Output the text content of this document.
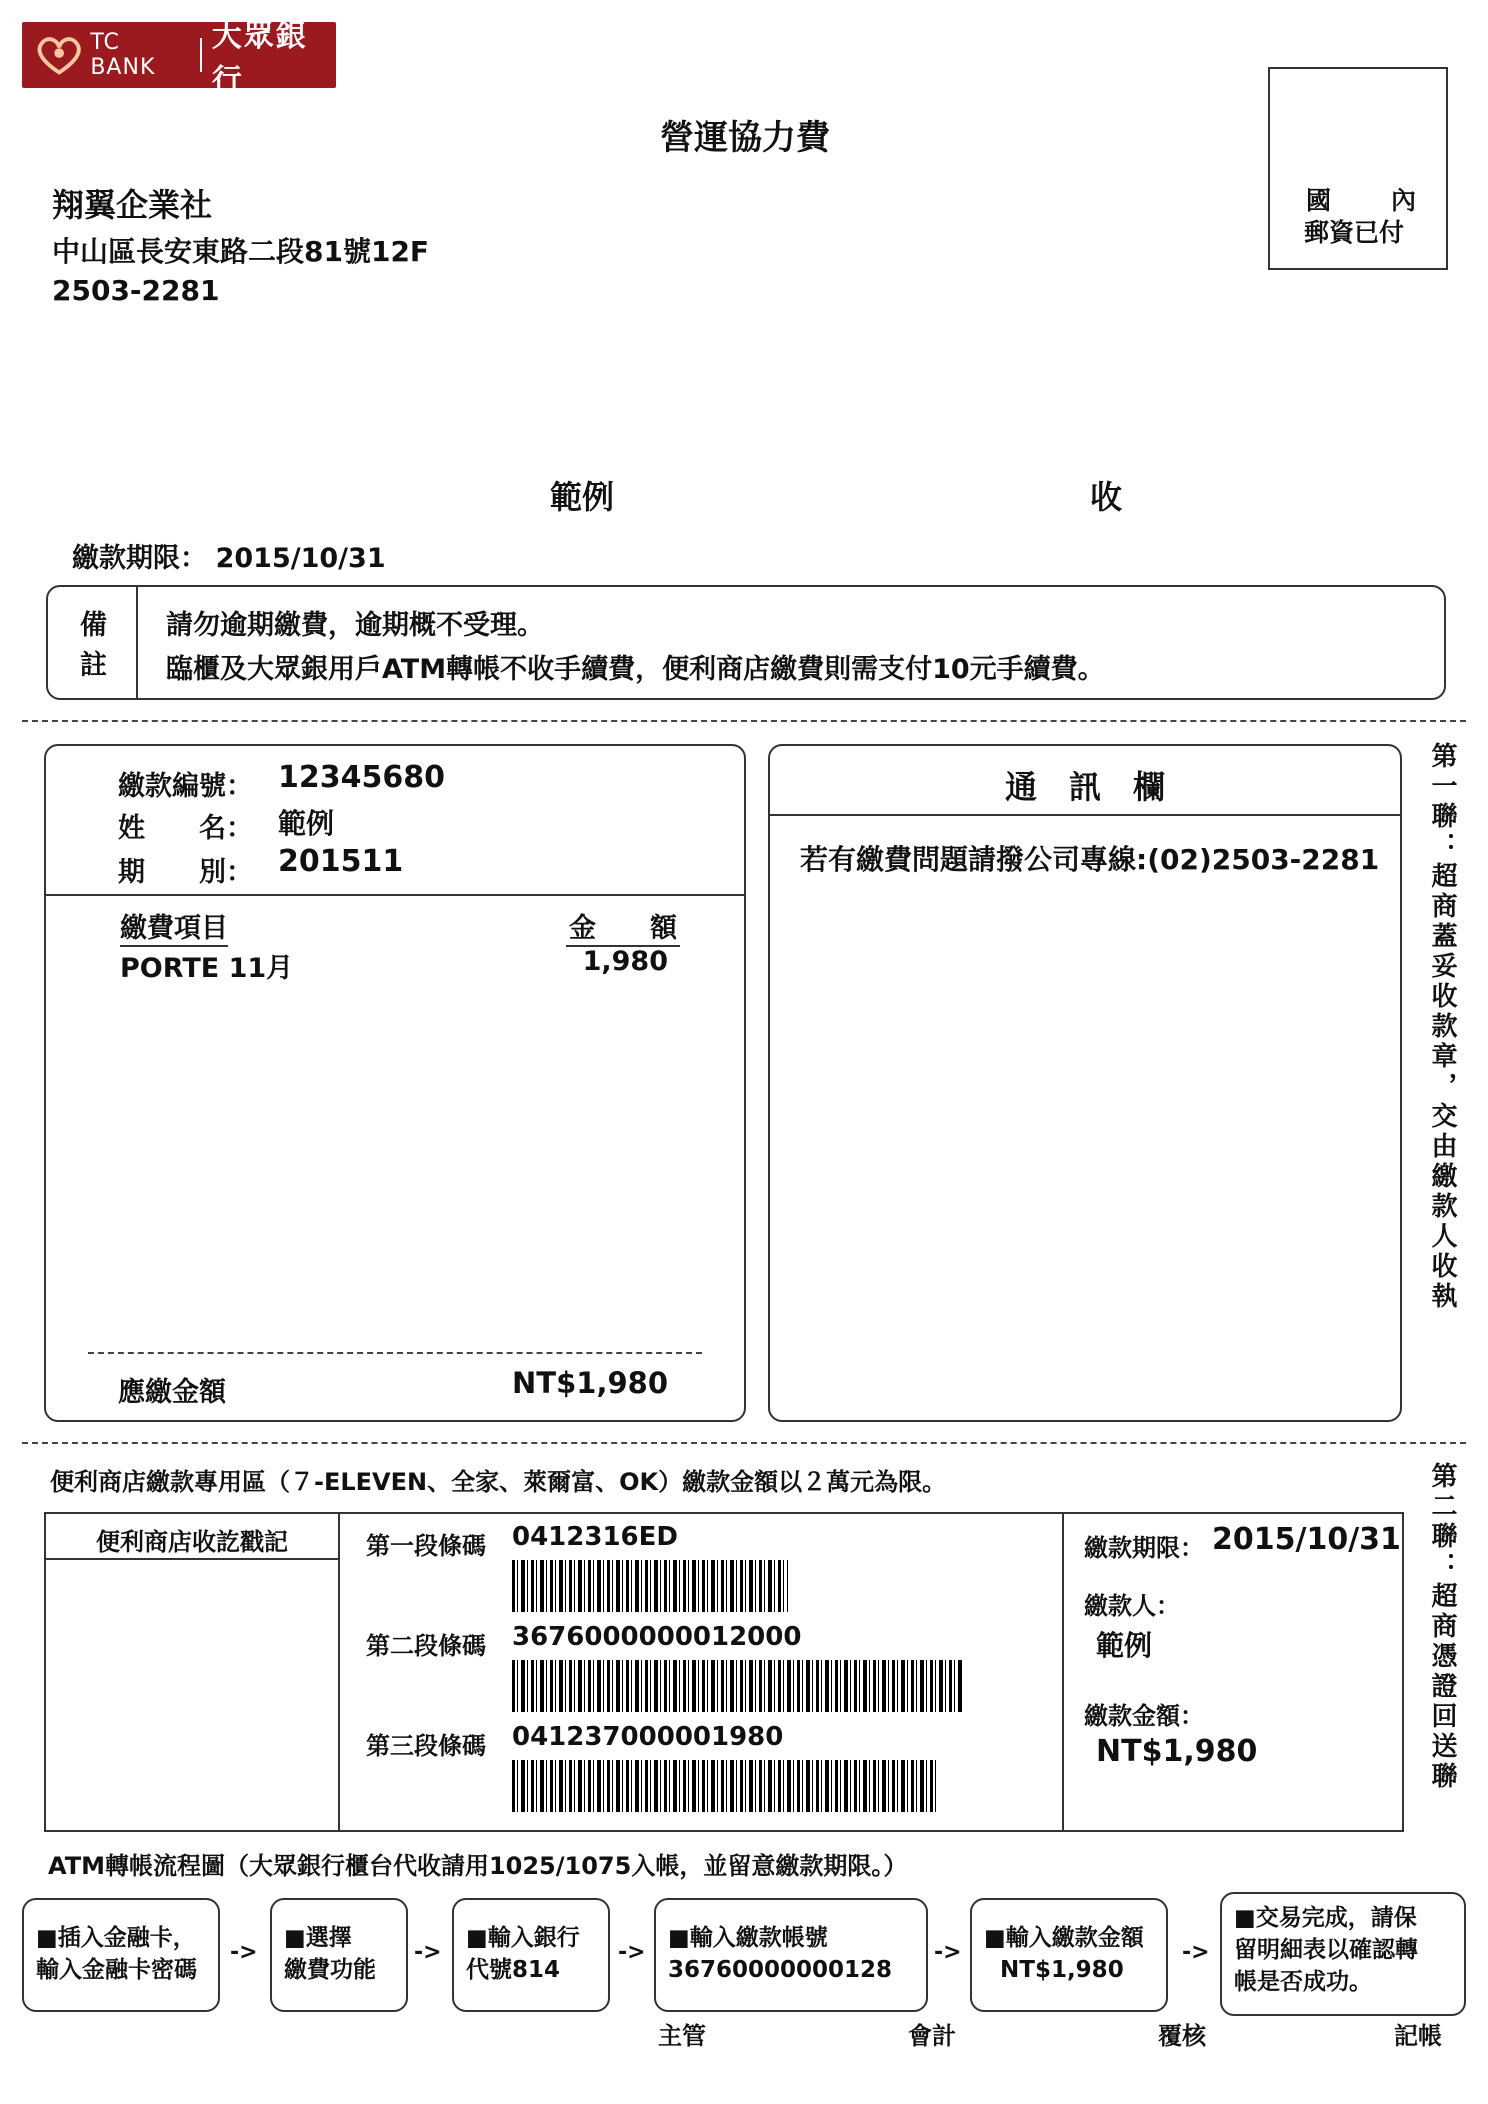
TC BANK
大眾銀行
國 內
郵資已付
營運協力費
翔翼企業社
中山區長安東路二段81號12F
2503-2281
範例	收
繳款期限： 2015/10/31
備
註
請勿逾期繳費，逾期概不受理。
臨櫃及大眾銀用戶ATM轉帳不收手續費，便利商店繳費則需支付10元手續費。
繳款編號： 12345680
姓　　名： 範例
期　　別： 201511
繳費項目	金　　額
PORTE 11月	1,980
應繳金額	NT$1,980
通　訊　欄
若有繳費問題請撥公司專線:(02)2503-2281 第一聯：超商蓋妥收款章，交由繳款人收執
便利商店繳款專用區（７-ELEVEN、全家、萊爾富、OK）繳款金額以２萬元為限。
便利商店收訖戳記	第一段條碼 0412316ED
第二段條碼 3676000000012000
第三段條碼 041237000001980
繳款期限： 2015/10/31
繳款人：
範例
繳款金額：
NT$1,980	第二聯：超商憑證回送聯
ATM轉帳流程圖（大眾銀行櫃台代收請用1025/1075入帳，並留意繳款期限。）
■插入金融卡，
輸入金融卡密碼
->
■選擇
繳費功能
->
■輸入銀行
代號814
->
■輸入繳款帳號
36760000000128
->
■輸入繳款金額
NT$1,980
->
■交易完成，請保
留明細表以確認轉
帳是否成功。
主管	會計	覆核	記帳
